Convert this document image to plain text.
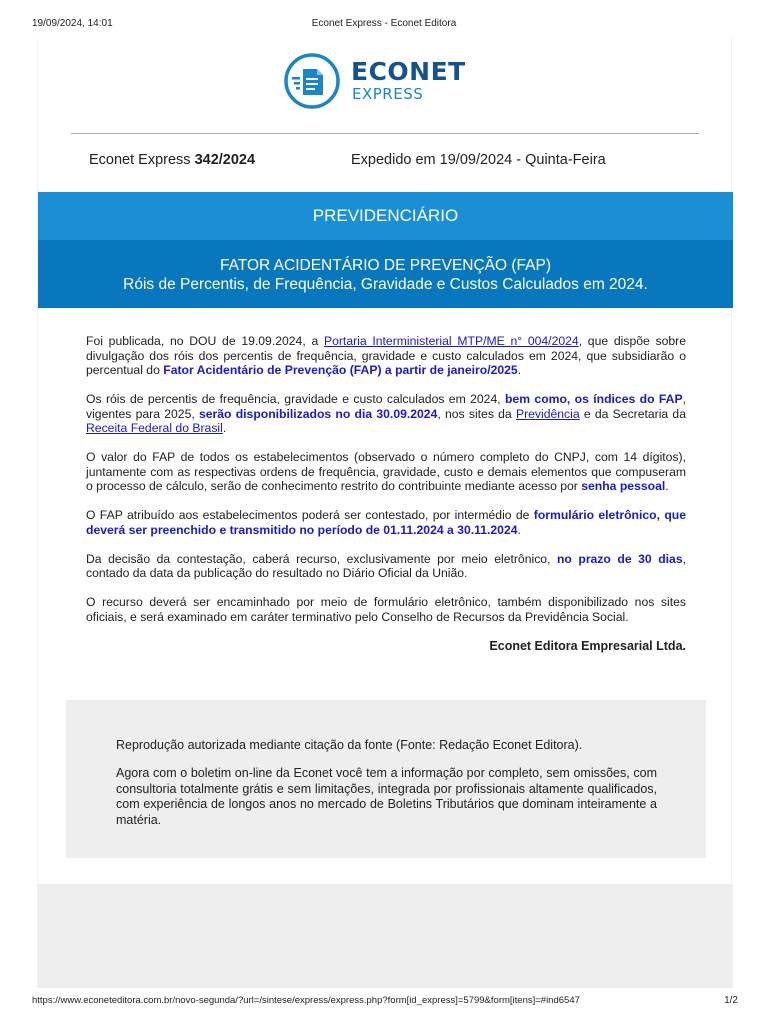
19/09/2024, 14:01	Econet Express - Econet Editora
ECONET
EXPRESS
Econet Express 342/2024	Expedido em 19/09/2024 - Quinta-Feira
PREVIDENCIÁRIO
FATOR ACIDENTÁRIO DE PREVENÇÃO (FAP)
Róis de Percentis, de Frequência, Gravidade e Custos Calculados em 2024.

Foi publicada, no DOU de 19.09.2024, a Portaria Interministerial MTP/ME n° 004/2024, que dispõe sobre divulgação dos róis dos percentis de frequência, gravidade e custo calculados em 2024, que subsidiarão o percentual do Fator Acidentário de Prevenção (FAP) a partir de janeiro/2025.

Os róis de percentis de frequência, gravidade e custo calculados em 2024, bem como, os índices do FAP, vigentes para 2025, serão disponibilizados no dia 30.09.2024, nos sites da Previdência e da Secretaria da Receita Federal do Brasil.

O valor do FAP de todos os estabelecimentos (observado o número completo do CNPJ, com 14 dígitos), juntamente com as respectivas ordens de frequência, gravidade, custo e demais elementos que compuseram o processo de cálculo, serão de conhecimento restrito do contribuinte mediante acesso por senha pessoal.

O FAP atribuído aos estabelecimentos poderá ser contestado, por intermédio de formulário eletrônico, que deverá ser preenchido e transmitido no período de 01.11.2024 a 30.11.2024.

Da decisão da contestação, caberá recurso, exclusivamente por meio eletrônico, no prazo de 30 dias, contado da data da publicação do resultado no Diário Oficial da União.

O recurso deverá ser encaminhado por meio de formulário eletrônico, também disponibilizado nos sites oficiais, e será examinado em caráter terminativo pelo Conselho de Recursos da Previdência Social.

Econet Editora Empresarial Ltda.

Reprodução autorizada mediante citação da fonte (Fonte: Redação Econet Editora).
Agora com o boletim on-line da Econet você tem a informação por completo, sem omissões, com consultoria totalmente grátis e sem limitações, integrada por profissionais altamente qualificados, com experiência de longos anos no mercado de Boletins Tributários que dominam inteiramente a matéria.
https://www.econeteditora.com.br/novo-segunda/?url=/sintese/express/express.php?form[id_express]=5799&form[itens]=#ind6547	1/2
